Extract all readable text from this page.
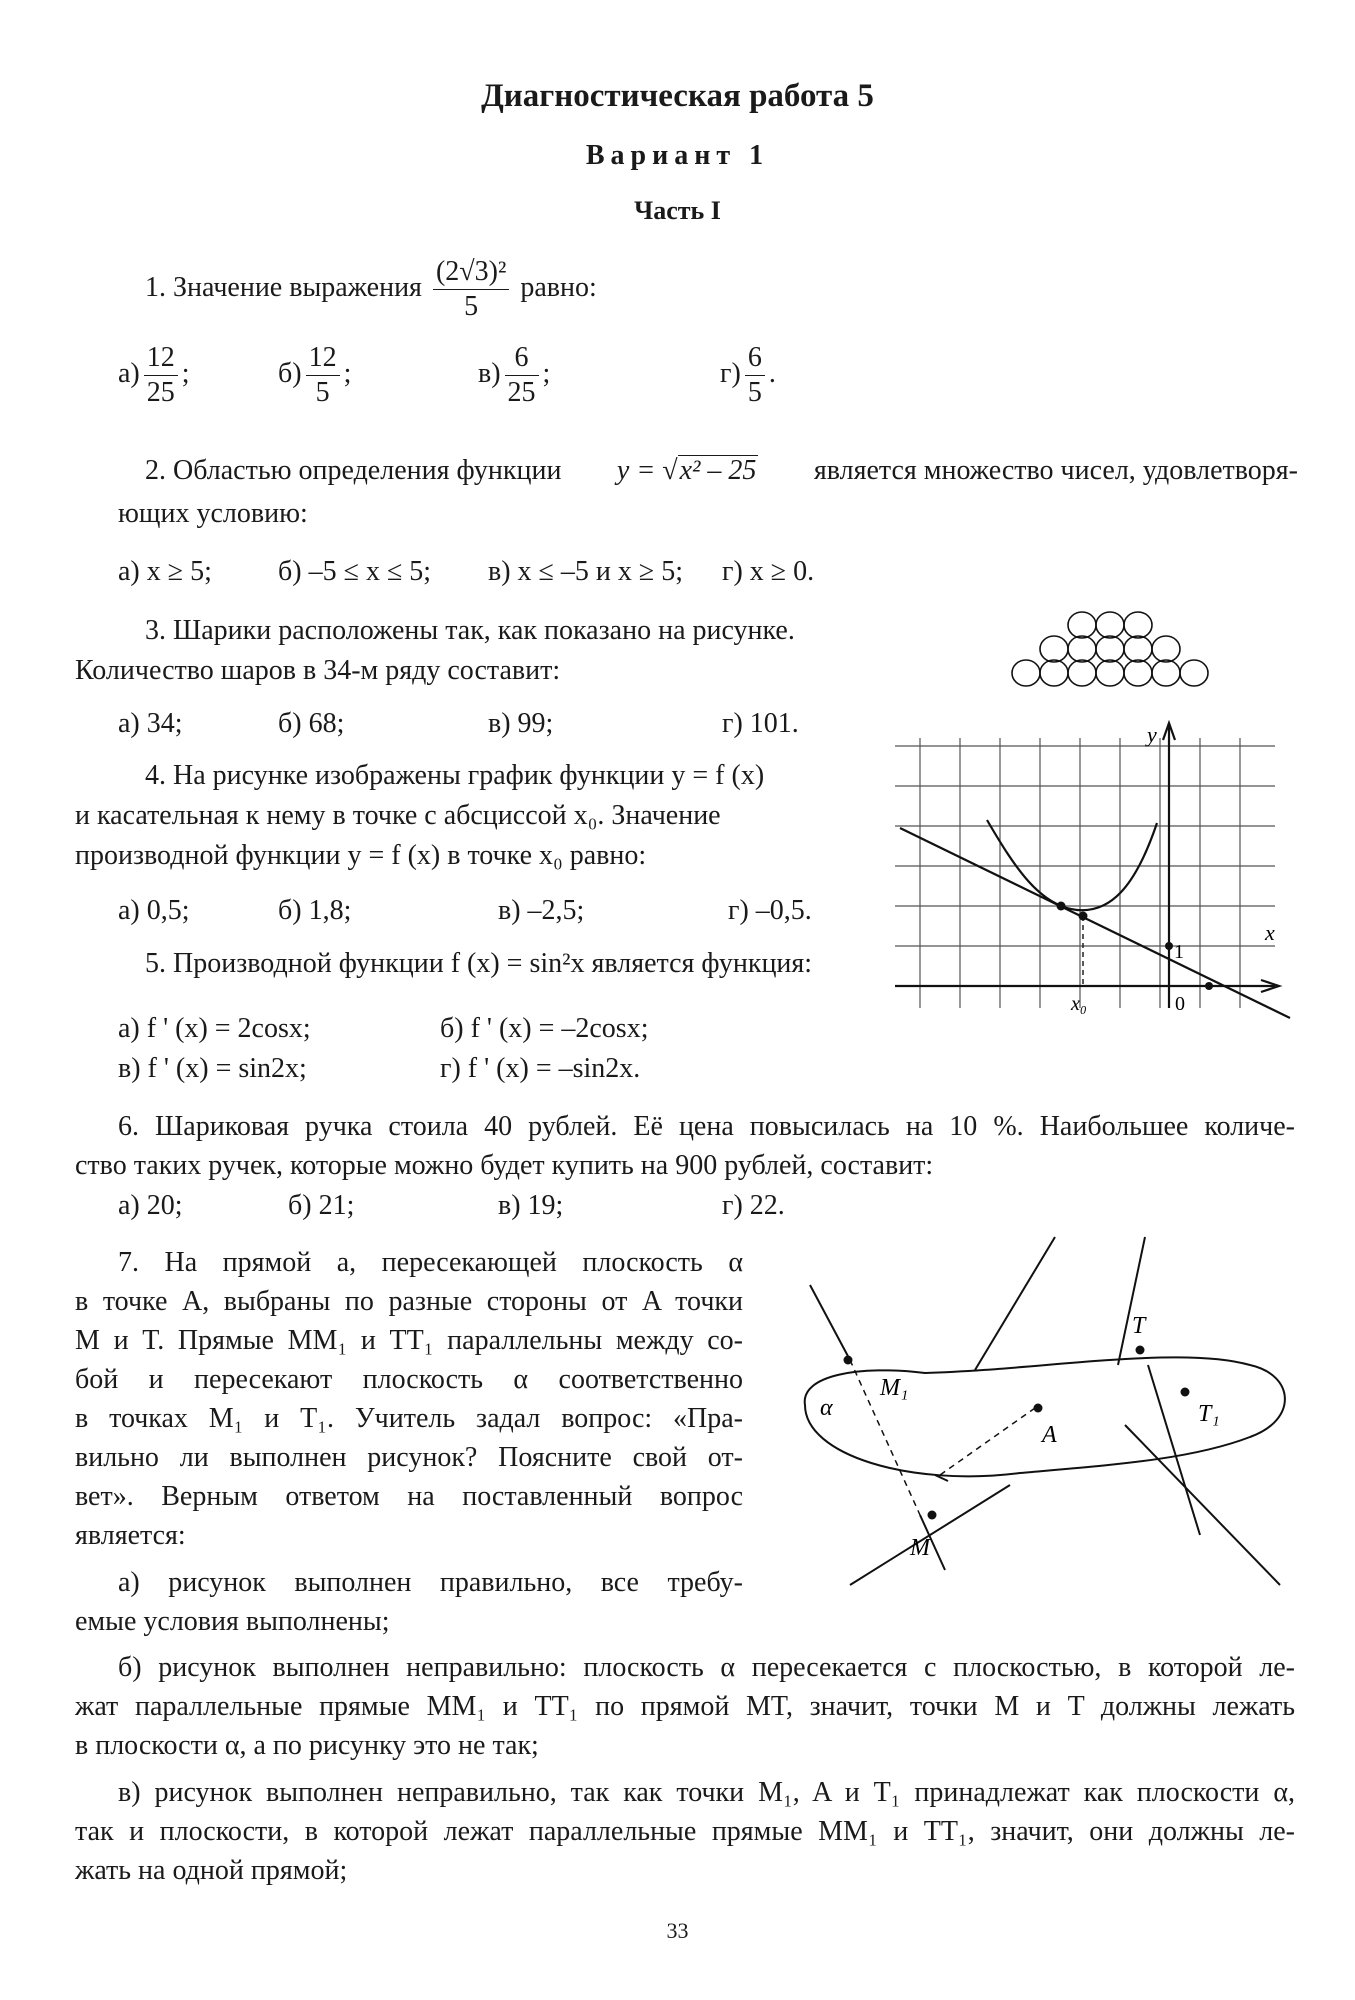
Диагностическая работа 5
Вариант 1
Часть I
1. Значение выражения $\frac{\text{(2√3)²}}{5}$ равно:
$а) \frac{12}{25}$ ;	$б) \frac{12}{5}$ ;	$в) \frac{6}{25}$ ;	$г) \frac{6}{5}$ .
2. Областью определения функции y = √x² – 25 является множество чисел, удовлетворя-
ющих условию:
а) x ≥ 5; б) –5 ≤ x ≤ 5; в) x ≤ –5 и x ≥ 5; г) x ≥ 0.
3. Шарики расположены так, как показано на рисунке.
Количество шаров в 34-м ряду составит:
а) 34;	б) 68;	в) 99;	г) 101.
4. На рисунке изображены график функции y = f (x)
и касательная к нему в точке с абсциссой x₀. Значение
производной функции y = f (x) в точке x₀ равно:
а) 0,5;	б) 1,8;	в) –2,5;	г) –0,5.
y
x
1
0
x₀
5. Производной функции f (x) = sin²x является функция:
а) f ' (x) = 2cosx;	б) f ' (x) = –2cosx;
в) f ' (x) = sin2x;	г) f ' (x) = –sin2x.
6. Шариковая ручка стоила 40 рублей. Её цена повысилась на 10 %. Наибольшее количе-
ство таких ручек, которые можно будет купить на 900 рублей, составит:
а) 20;	б) 21;	в) 19;	г) 22.
7. На прямой a, пересекающей плоскость α
в точке A, выбраны по разные стороны от A точки
M и T. Прямые MM₁ и TT₁ параллельны между со-
бой и пересекают плоскость α соответственно
в точках M₁ и T₁. Учитель задал вопрос: «Пра-
вильно ли выполнен рисунок? Поясните свой от-
вет». Верным ответом на поставленный вопрос
является:
а) рисунок выполнен правильно, все требу-
емые условия выполнены;
б) рисунок выполнен неправильно: плоскость α пересекается с плоскостью, в которой ле-
жат параллельные прямые MM₁ и TT₁ по прямой MT, значит, точки M и T должны лежать
в плоскости α, а по рисунку это не так;
в) рисунок выполнен неправильно, так как точки M₁, A и T₁ принадлежат как плоскости α,
так и плоскости, в которой лежат параллельные прямые MM₁ и TT₁, значит, они должны ле-
жать на одной прямой;
α
M₁
A
T
T₁
M
33
